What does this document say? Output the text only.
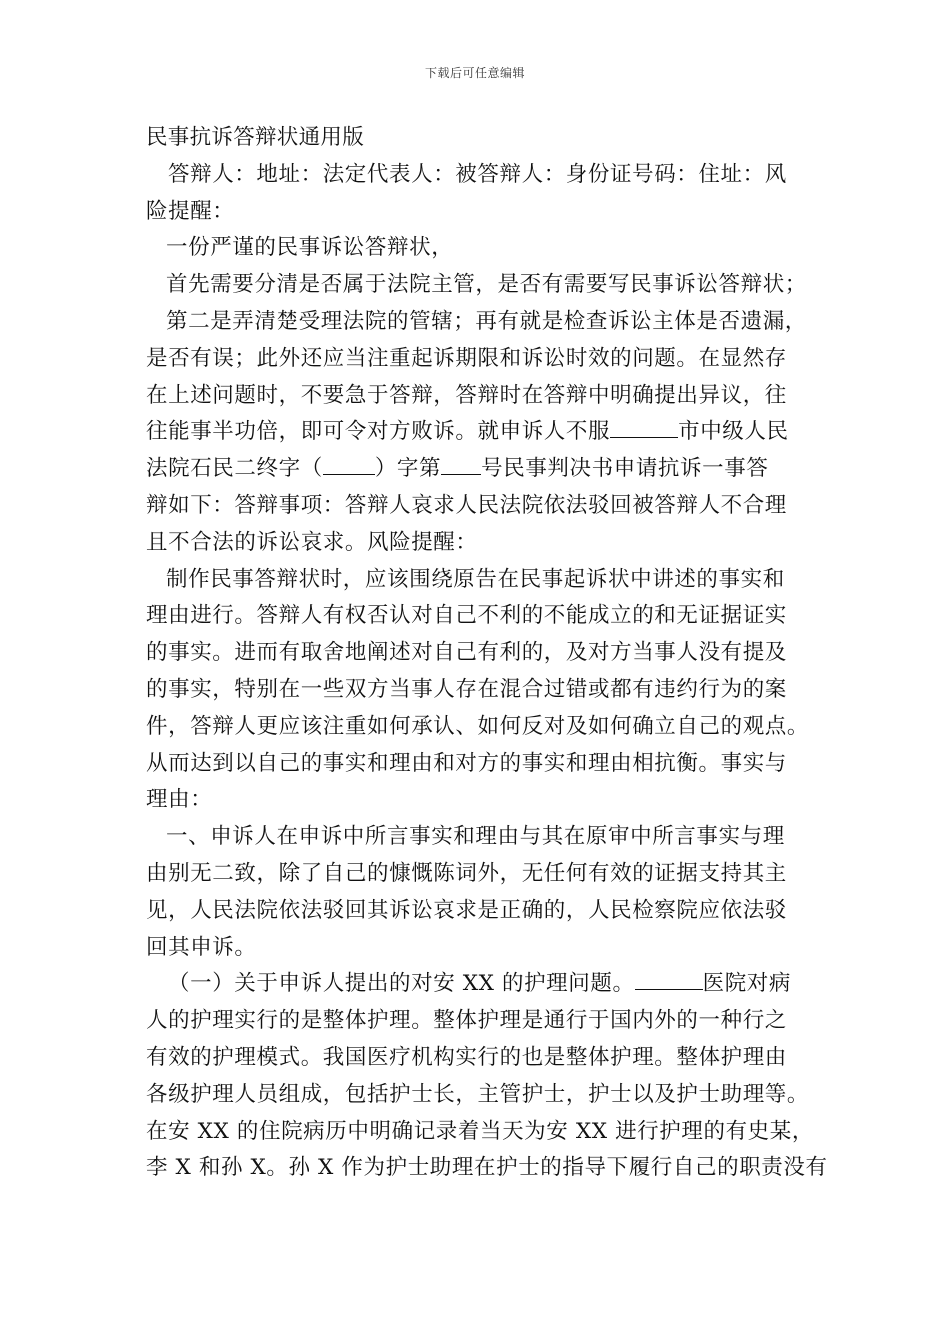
下载后可任意编辑
民事抗诉答辩状通用版
答辩人：地址：法定代表人：被答辩人：身份证号码：住址：风
险提醒：
一份严谨的民事诉讼答辩状，
首先需要分清是否属于法院主管，是否有需要写民事诉讼答辩状；
第二是弄清楚受理法院的管辖；再有就是检查诉讼主体是否遗漏，
是否有误；此外还应当注重起诉期限和诉讼时效的问题。在显然存
在上述问题时，不要急于答辩，答辩时在答辩中明确提出异议，往
往能事半功倍，即可令对方败诉。就申诉人不服	市中级人民
法院石民二终字（ ）字第 号民事判决书申请抗诉一事答
辩如下：答辩事项：答辩人哀求人民法院依法驳回被答辩人不合理
且不合法的诉讼哀求。风险提醒：
制作民事答辩状时，应该围绕原告在民事起诉状中讲述的事实和
理由进行。答辩人有权否认对自己不利的不能成立的和无证据证实
的事实。进而有取舍地阐述对自己有利的，及对方当事人没有提及
的事实，特别在一些双方当事人存在混合过错或都有违约行为的案
件，答辩人更应该注重如何承认、如何反对及如何确立自己的观点。
从而达到以自己的事实和理由和对方的事实和理由相抗衡。事实与
理由：
一、申诉人在申诉中所言事实和理由与其在原审中所言事实与理
由别无二致，除了自己的慷慨陈词外，无任何有效的证据支持其主
见，人民法院依法驳回其诉讼哀求是正确的，人民检察院应依法驳
回其申诉。
（一）关于申诉人提出的对安 XX 的护理问题。	医院对病
人的护理实行的是整体护理。整体护理是通行于国内外的一种行之
有效的护理模式。我国医疗机构实行的也是整体护理。整体护理由
各级护理人员组成，包括护士长，主管护士，护士以及护士助理等。
在安 XX 的住院病历中明确记录着当天为安 XX 进行护理的有史某，
李 X 和孙 X。孙 X 作为护士助理在护士的指导下履行自己的职责没有
